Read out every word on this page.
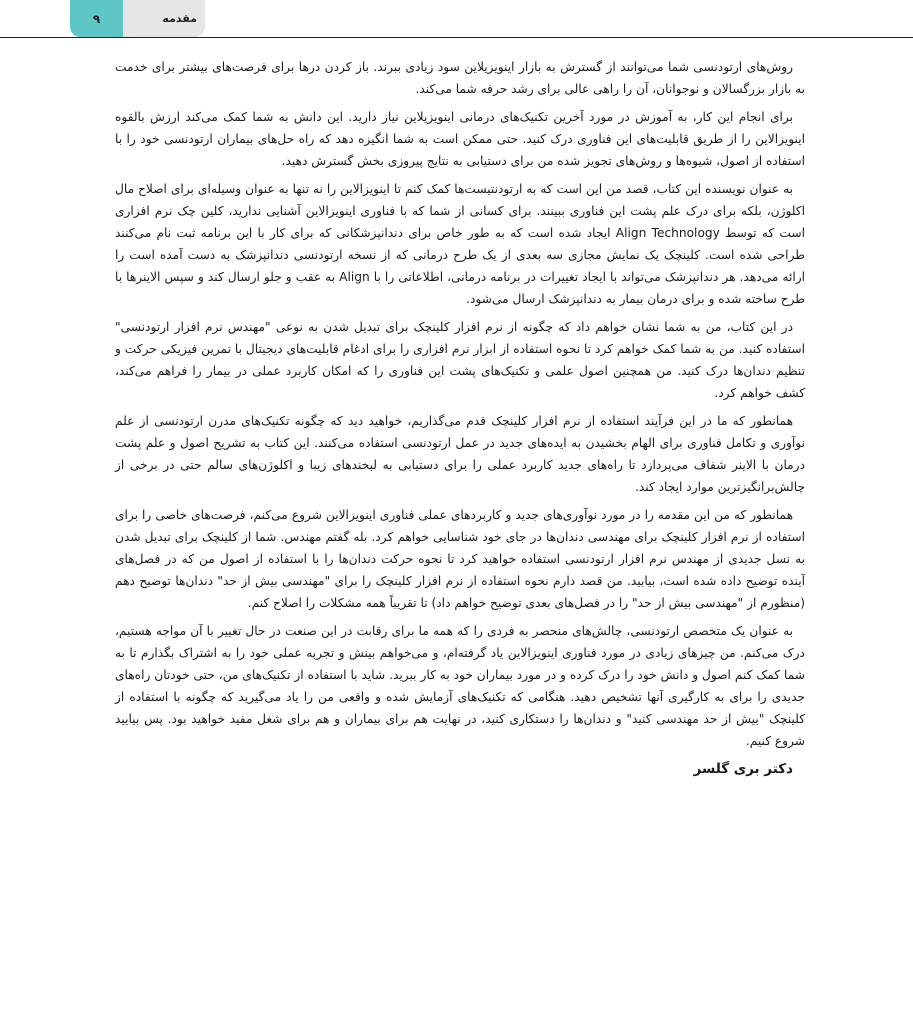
۹	مقدمه

روش‌های ارتودنسی شما می‌توانند از گسترش به بازار اینویزیلاین سود زیادی ببرند. باز کردن درها برای فرصت‌های بیشتر برای خدمت به بازار بزرگسالان و نوجوانان، آن را راهی عالی برای رشد حرفه شما می‌کند.

برای انجام این کار، به آموزش در مورد آخرین تکنیک‌های درمانی اینویزیلاین نیاز دارید. این دانش به شما کمک می‌کند ارزش بالقوه اینویزالاین را از طریق قابلیت‌های این فناوری درک کنید. حتی ممکن است به شما انگیزه دهد که راه حل‌های بیماران ارتودنسی خود را با استفاده از اصول، شیوه‌ها و روش‌های تجویز شده من برای دستیابی به نتایج پیروزی بخش گسترش دهید.

به عنوان نویسنده این کتاب، قصد من این است که به ارتودنتیست‌ها کمک کنم تا اینویزالاین را نه تنها به عنوان وسیله‌ای برای اصلاح مال اکلوژن، بلکه برای درک علم پشت این فناوری ببینند. برای کسانی از شما که با فناوری اینویزالاین آشنایی ندارید، کلین چک نرم افزاری است که توسط Align Technology ایجاد شده است که به طور خاص برای دندانپزشکانی که برای کار با این برنامه ثبت نام می‌کنند طراحی شده است. کلینچک یک نمایش مجازی سه بعدی از یک طرح درمانی که از نسخه ارتودنسی دندانپزشک به دست آمده است را ارائه می‌دهد. هر دندانپزشک می‌تواند با ایجاد تغییرات در برنامه درمانی، اطلاعاتی را با Align به عقب و جلو ارسال کند و سپس الاینرها با طرح ساخته شده و برای درمان بیمار به دندانپزشک ارسال می‌شود.

در این کتاب، من به شما نشان خواهم داد که چگونه از نرم افزار کلینچک برای تبدیل شدن به نوعی "مهندس نرم افزار ارتودنسی" استفاده کنید. من به شما کمک خواهم کرد تا نحوه استفاده از ابزار نرم افزاری را برای ادغام قابلیت‌های دیجیتال با تمرین فیزیکی حرکت و تنظیم دندان‌ها درک کنید. من همچنین اصول علمی و تکنیک‌های پشت این فناوری را که امکان کاربرد عملی در بیمار را فراهم می‌کند، کشف خواهم کرد.

همانطور که ما در این فرآیند استفاده از نرم افزار کلینچک قدم می‌گذاریم، خواهید دید که چگونه تکنیک‌های مدرن ارتودنسی از علم نوآوری و تکامل فناوری برای الهام بخشیدن به ایده‌های جدید در عمل ارتودنسی استفاده می‌کنند. این کتاب به تشریح اصول و علم پشت درمان با الاینر شفاف می‌پردازد تا راه‌های جدید کاربرد عملی را برای دستیابی به لبخندهای زیبا و اکلوژن‌های سالم حتی در برخی از چالش‌برانگیزترین موارد ایجاد کند.

همانطور که من این مقدمه را در مورد نوآوری‌های جدید و کاربردهای عملی فناوری اینویزالاین شروع می‌کنم، فرصت‌های خاصی را برای استفاده از نرم افزار کلینچک برای مهندسی دندان‌ها در جای خود شناسایی خواهم کرد. بله گفتم مهندس. شما از کلینچک برای تبدیل شدن به نسل جدیدی از مهندس نرم افزار ارتودنسی استفاده خواهید کرد تا نحوه حرکت دندان‌ها را با استفاده از اصول من که در فصل‌های آینده توضیح داده شده است، بیابید. من قصد دارم نحوه استفاده از نرم افزار کلینچک را برای "مهندسی بیش از حد" دندان‌ها توضیح دهم (منظورم از "مهندسی بیش از حد" را در فصل‌های بعدی توضیح خواهم داد) تا تقریباً همه مشکلات را اصلاح کنم.

به عنوان یک متخصص ارتودنسی، چالش‌های منحصر به فردی را که همه ما برای رقابت در این صنعت در حال تغییر با آن مواجه هستیم، درک می‌کنم. من چیزهای زیادی در مورد فناوری اینویزالاین یاد گرفته‌ام، و می‌خواهم بینش و تجربه عملی خود را به اشتراک بگذارم تا به شما کمک کنم اصول و دانش خود را درک کرده و در مورد بیماران خود به کار ببرید. شاید با استفاده از تکنیک‌های من، حتی خودتان راه‌های جدیدی را برای به کارگیری آنها تشخیص دهید. هنگامی که تکنیک‌های آزمایش شده و واقعی من را یاد می‌گیرید که چگونه با استفاده از کلینچک "بیش از حد مهندسی کنید" و دندان‌ها را دستکاری کنید، در نهایت هم برای بیماران و هم برای شغل مفید خواهید بود. پس بیایید شروع کنیم.

دکتر بری گلسر
